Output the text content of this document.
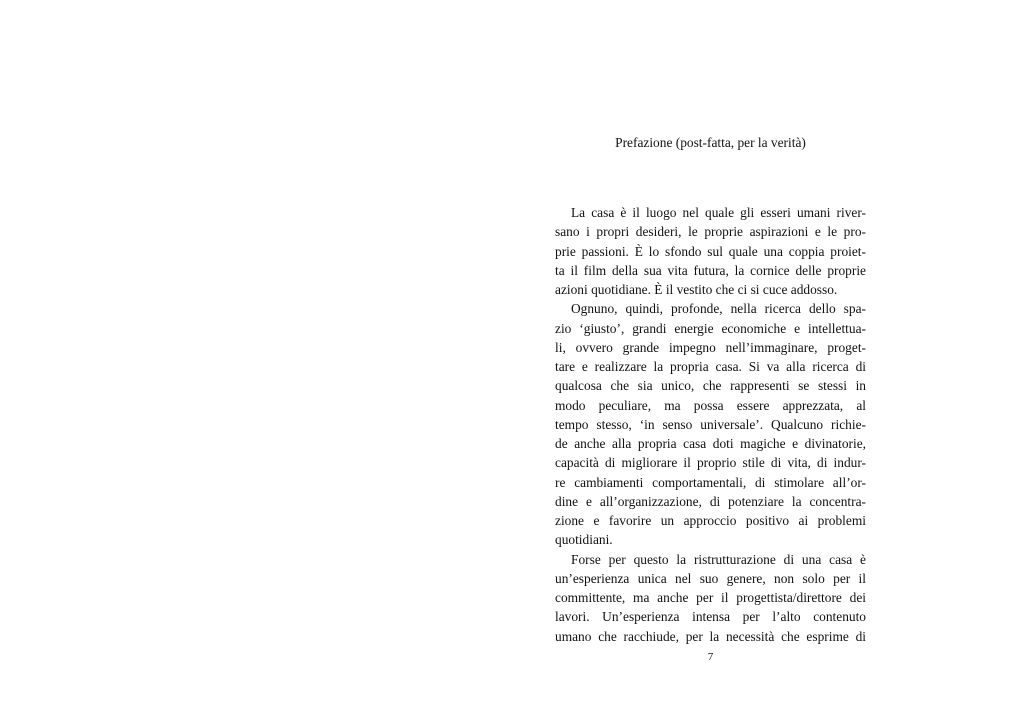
Prefazione (post-fatta, per la verità)
La casa è il luogo nel quale gli esseri umani river-
sano i propri desideri, le proprie aspirazioni e le pro-
prie passioni. È lo sfondo sul quale una coppia proiet-
ta il film della sua vita futura, la cornice delle proprie
azioni quotidiane. È il vestito che ci si cuce addosso.
Ognuno, quindi, profonde, nella ricerca dello spa-
zio ‘giusto’, grandi energie economiche e intellettua-
li, ovvero grande impegno nell’immaginare, proget-
tare e realizzare la propria casa. Si va alla ricerca di
qualcosa che sia unico, che rappresenti se stessi in
modo peculiare, ma possa essere apprezzata, al
tempo stesso, ‘in senso universale’. Qualcuno richie-
de anche alla propria casa doti magiche e divinatorie,
capacità di migliorare il proprio stile di vita, di indur-
re cambiamenti comportamentali, di stimolare all’or-
dine e all’organizzazione, di potenziare la concentra-
zione e favorire un approccio positivo ai problemi
quotidiani.
Forse per questo la ristrutturazione di una casa è
un’esperienza unica nel suo genere, non solo per il
committente, ma anche per il progettista/direttore dei
lavori. Un’esperienza intensa per l’alto contenuto
umano che racchiude, per la necessità che esprime di
7
